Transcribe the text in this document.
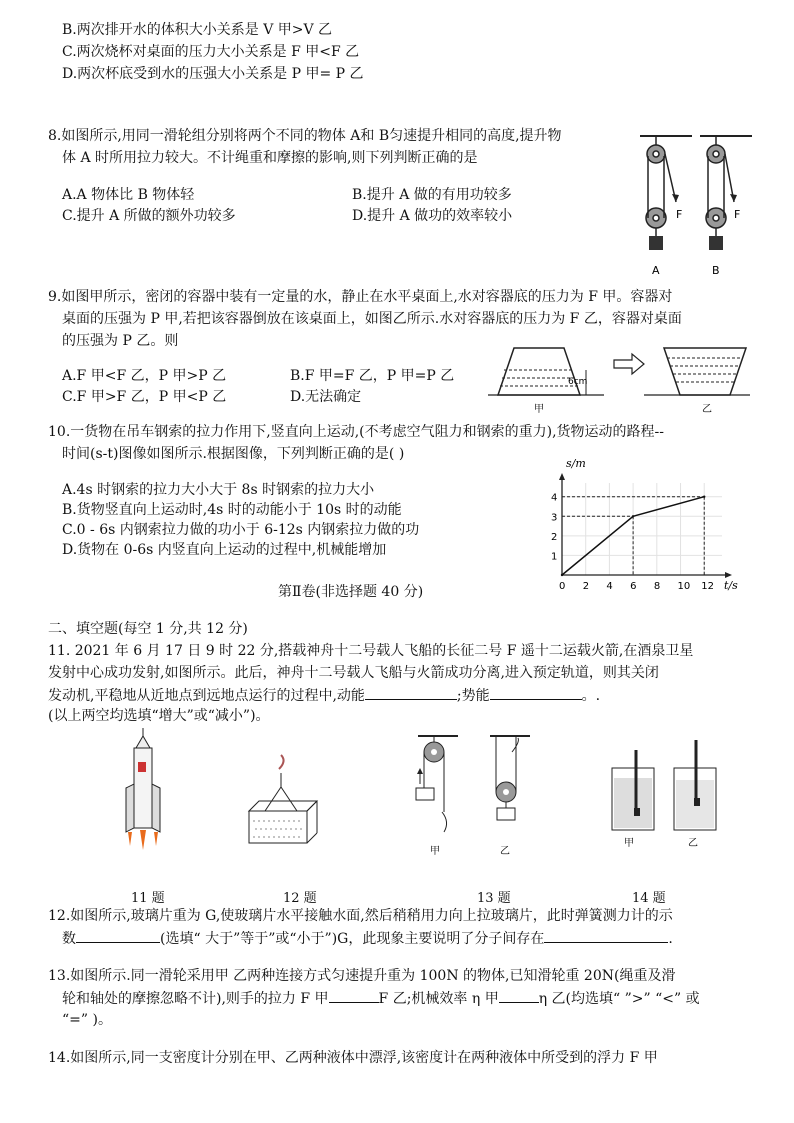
B.两次排开水的体积大小关系是 V 甲>V 乙
C.两次烧杯对桌面的压力大小关系是 F 甲<F 乙
D.两次杯底受到水的压强大小关系是 P 甲= P 乙
8.如图所示,用同一滑轮组分别将两个不同的物体 A和 B匀速提升相同的高度,提升物
体 A 时所用拉力较大。不计绳重和摩擦的影响,则下列判断正确的是
A.A 物体比 B 物体轻	B.提升 A 做的有用功较多
C.提升 A 所做的额外功较多	D.提升 A 做功的效率较小	F	F
A	B
9.如图甲所示，密闭的容器中装有一定量的水，静止在水平桌面上,水对容器底的压力为 F 甲。容器对
桌面的压强为 P 甲,若把该容器倒放在该桌面上，如图乙所示.水对容器底的压力为 F 乙，容器对桌面
的压强为 P 乙。则
A.F 甲<F 乙，P 甲>P 乙	B.F 甲=F 乙，P 甲=P 乙
C.F 甲>F 乙，P 甲<P 乙	D.无法确定
6cm
甲	乙
10.一货物在吊车钢索的拉力作用下,竖直向上运动,(不考虑空气阻力和钢索的重力),货物运动的路程--
时间(s-t)图像如图所示.根据图像，下列判断正确的是( )
A.4s 时钢索的拉力大小大于 8s 时钢索的拉力大小
B.货物竖直向上运动时,4s 时的动能小于 10s 时的动能
C.0 - 6s 内钢索拉力做的功小于 6-12s 内钢索拉力做的功
D.货物在 0-6s 内竖直向上运动的过程中,机械能增加
0 2 4 6 8 10 12
1
2
3
4
s/m
t/s
第Ⅱ卷(非选择题 40 分)
二、填空题(每空 1 分,共 12 分)
11. 2021 年 6 月 17 日 9 时 22 分,搭载神舟十二号载人飞船的长征二号 F 遥十二运载火箭,在酒泉卫星
发射中心成功发射,如图所示。此后，神舟十二号载人飞船与火箭成功分离,进入预定轨道，则其关闭
发动机,平稳地从近地点到远地点运行的过程中,动能	;势能	。.
(以上两空均选填“增大”或“减小”)。
甲	乙
甲	乙
11 题	12 题	13 题	14 题
12.如图所示,玻璃片重为 G,使玻璃片水平接触水面,然后稍稍用力向上拉玻璃片，此时弹簧测力计的示
数	(选填“ 大于”等于”或“小于”)G，此现象主要说明了分子间存在	.
13.如图所示.同一滑轮采用甲 乙两种连接方式匀速提升重为 100N 的物体,已知滑轮重 20N(绳重及滑
轮和轴处的摩擦忽略不计),则手的拉力 F 甲	F 乙;机械效率 η 甲	η 乙(均选填“ ”>” “<” 或
“=” )。
14.如图所示,同一支密度计分别在甲、乙两种液体中漂浮,该密度计在两种液体中所受到的浮力 F 甲
